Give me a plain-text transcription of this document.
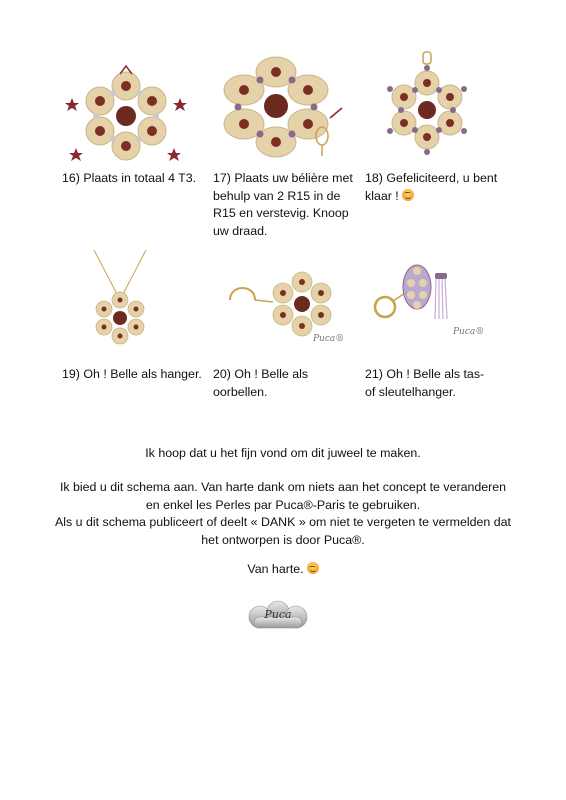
16) Plaats in totaal 4 T3.	17) Plaats uw bélière met behulp van 2 R15 in de R15 en verstevig. Knoop uw draad.
18) Gefeliciteerd, u bent klaar !
Puca®
Puca®
19) Oh ! Belle als hanger. 20) Oh ! Belle als oorbellen.
21) Oh ! Belle als tas- of sleutelhanger.
Ik hoop dat u het fijn vond om dit juweel te maken.
Ik bied u dit schema aan. Van harte dank om niets aan het concept te veranderen
en enkel les Perles par Puca®-Paris te gebruiken.
Als u dit schema publiceert of deelt « DANK » om niet te vergeten te vermelden dat
het ontworpen is door Puca®.
Van harte.
Puca
